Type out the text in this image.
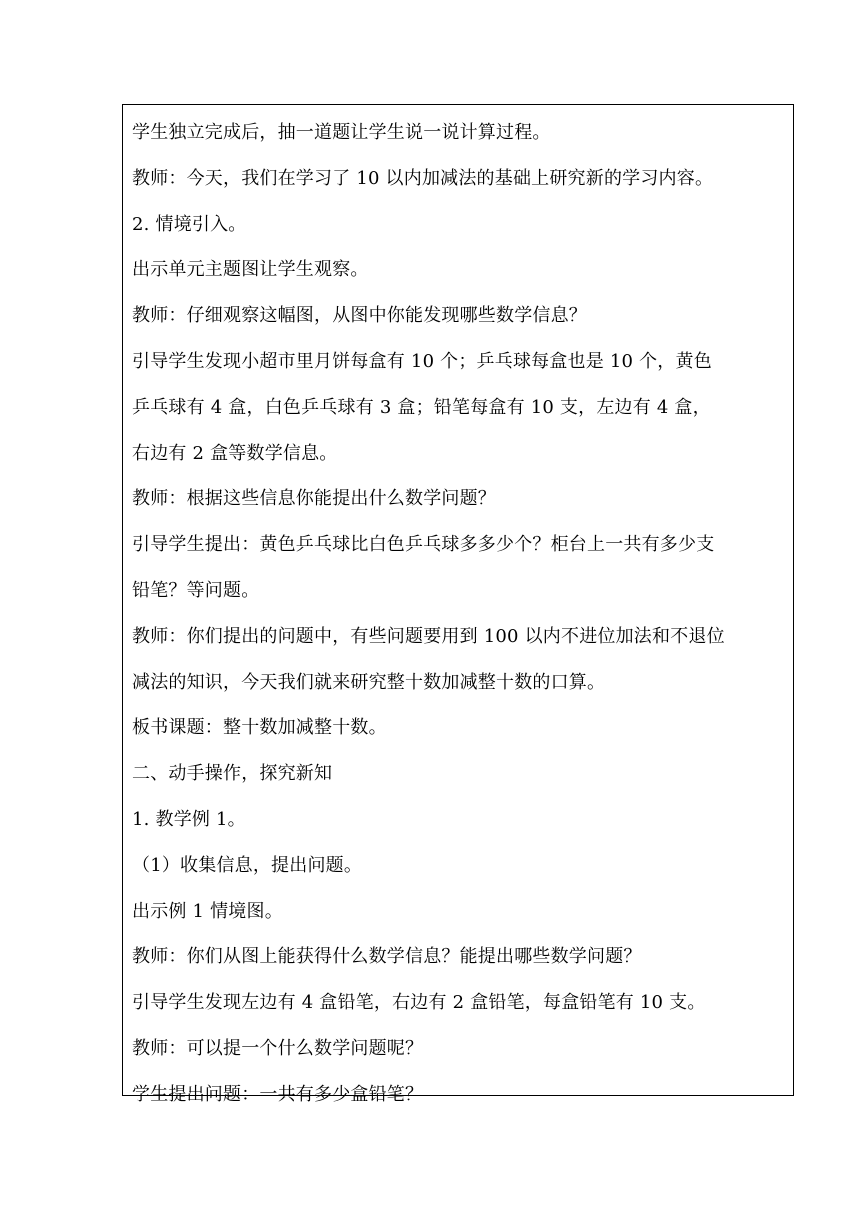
学生独立完成后，抽一道题让学生说一说计算过程。
教师：今天，我们在学习了 10 以内加减法的基础上研究新的学习内容。
2. 情境引入。
出示单元主题图让学生观察。
教师：仔细观察这幅图，从图中你能发现哪些数学信息？
引导学生发现小超市里月饼每盒有 10 个；乒乓球每盒也是 10 个，黄色
乒乓球有 4 盒，白色乒乓球有 3 盒；铅笔每盒有 10 支，左边有 4 盒，
右边有 2 盒等数学信息。
教师：根据这些信息你能提出什么数学问题？
引导学生提出：黄色乒乓球比白色乒乓球多多少个？柜台上一共有多少支
铅笔？等问题。
教师：你们提出的问题中，有些问题要用到 100 以内不进位加法和不退位
减法的知识，今天我们就来研究整十数加减整十数的口算。
板书课题：整十数加减整十数。
二、动手操作，探究新知
1. 教学例 1。
（1）收集信息，提出问题。
出示例 1 情境图。
教师：你们从图上能获得什么数学信息？能提出哪些数学问题？
引导学生发现左边有 4 盒铅笔，右边有 2 盒铅笔，每盒铅笔有 10 支。
教师：可以提一个什么数学问题呢？
学生提出问题：一共有多少盒铅笔？
